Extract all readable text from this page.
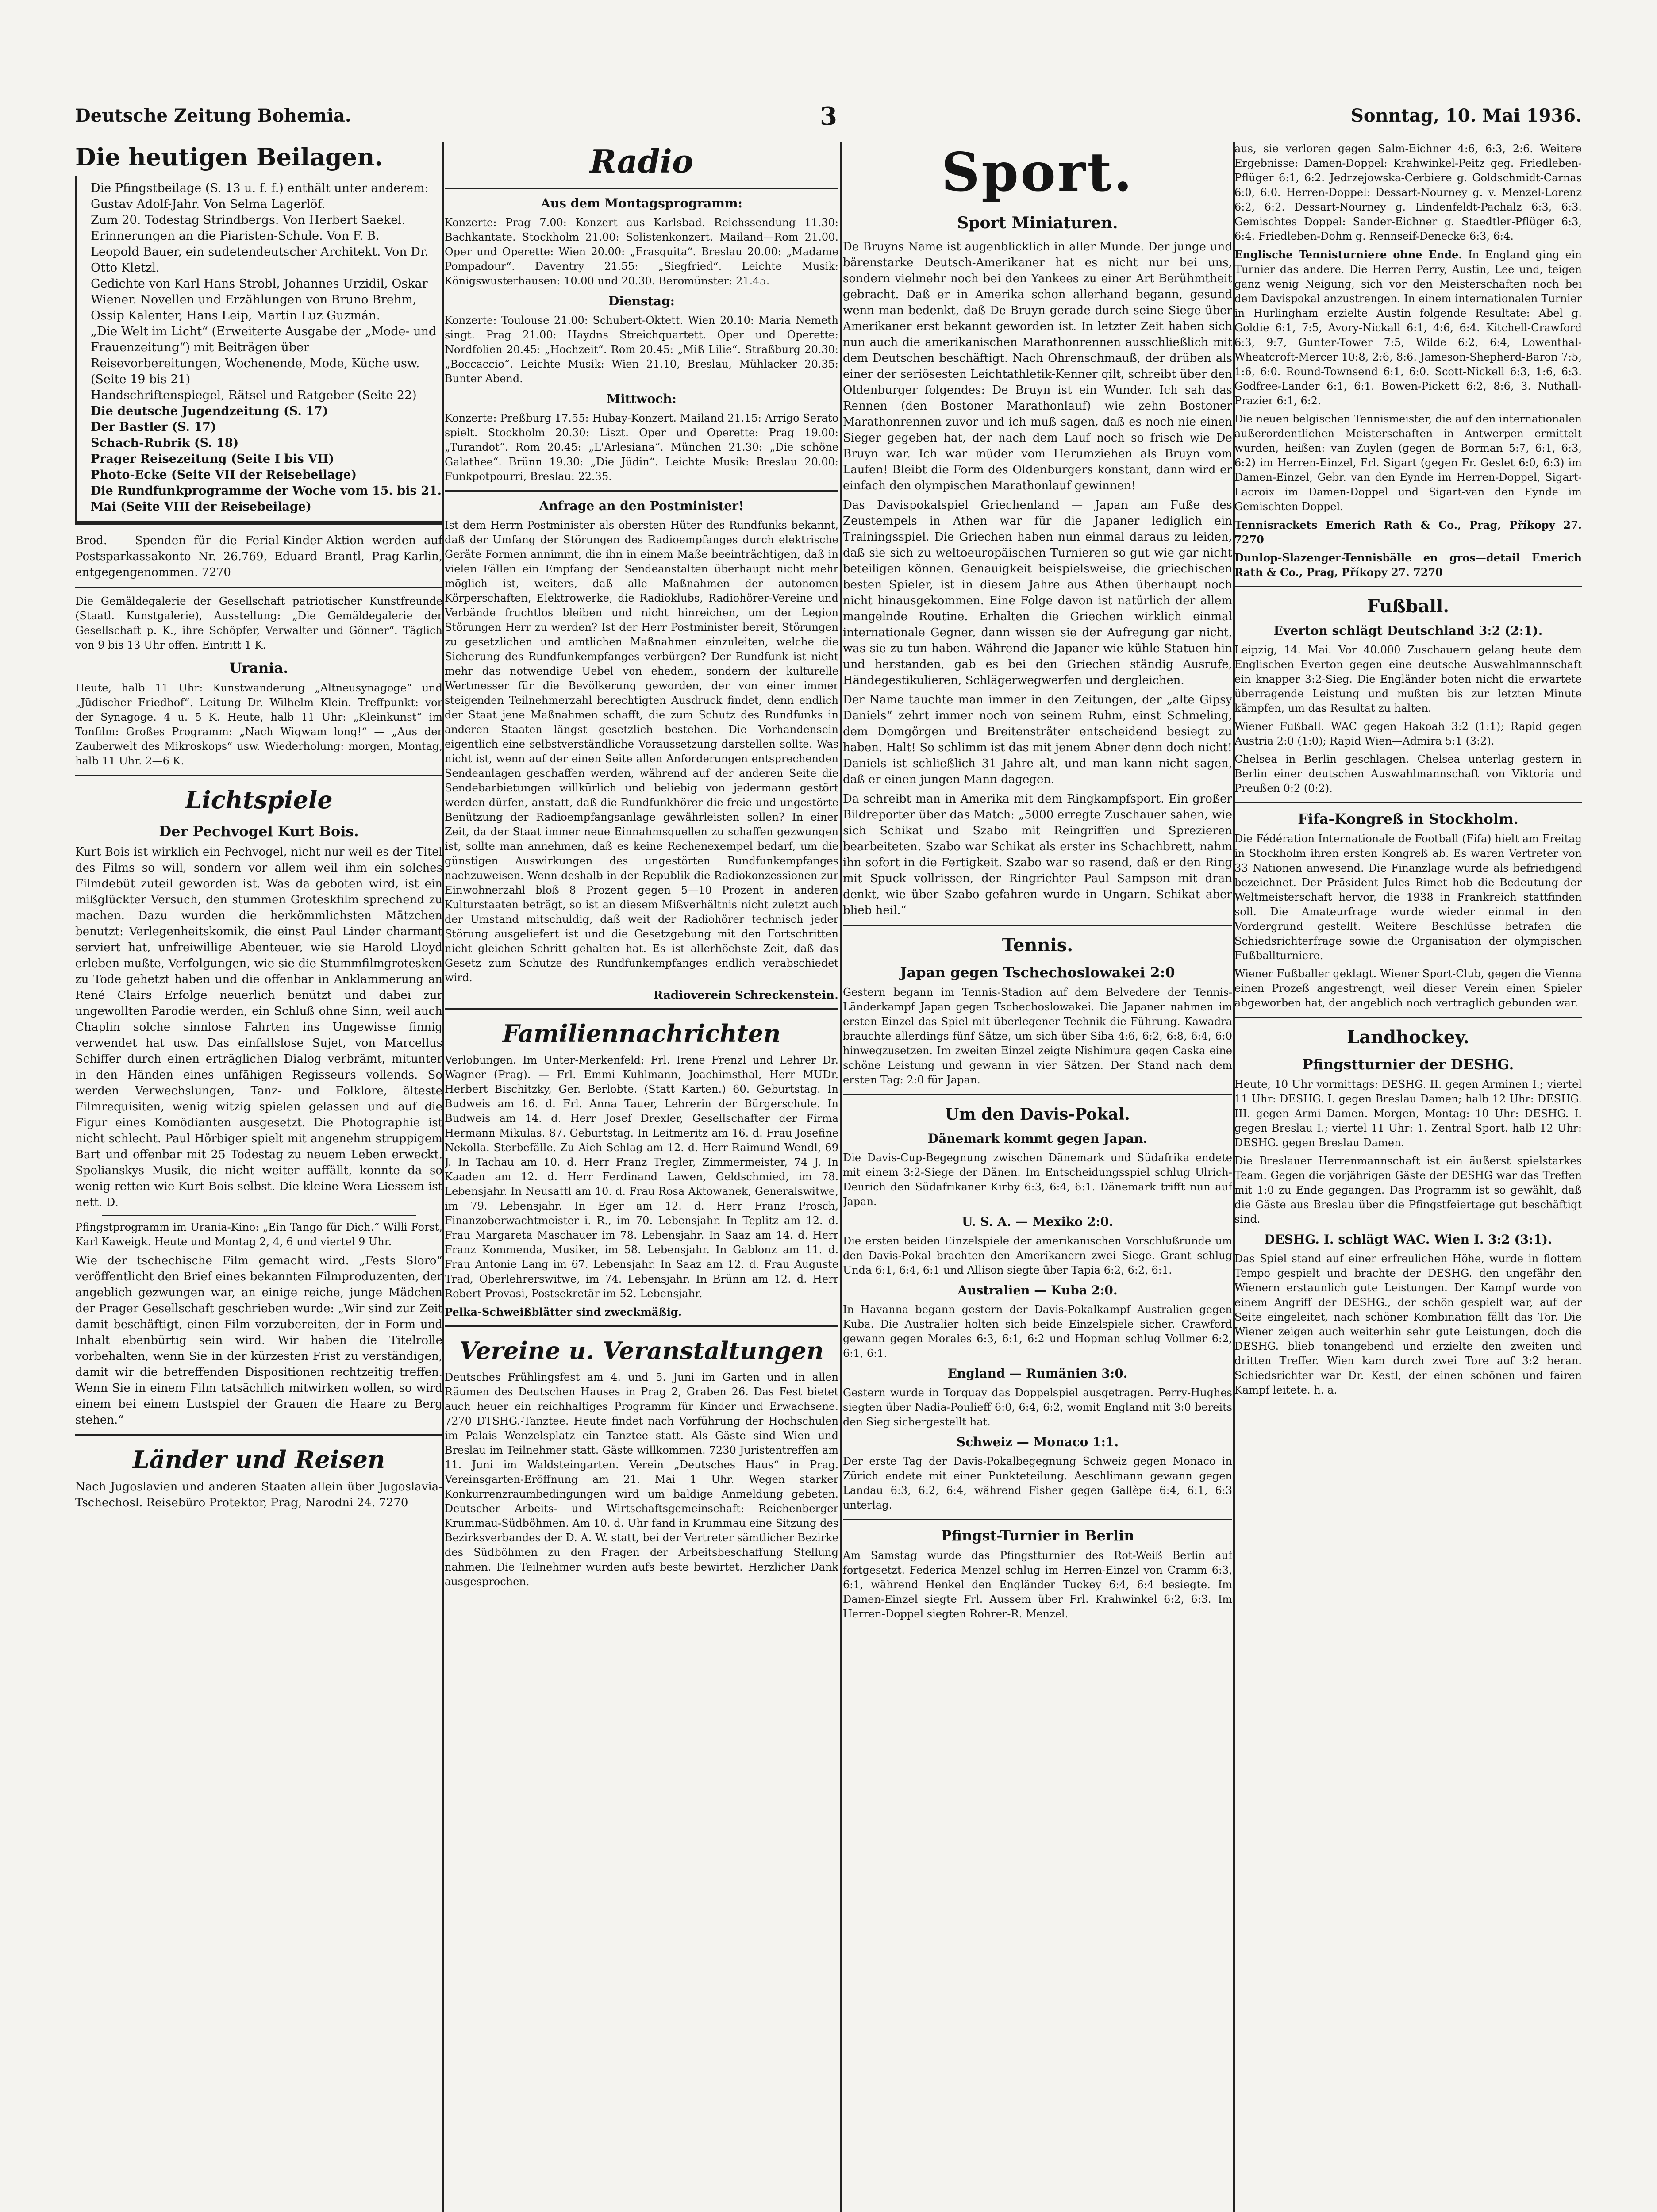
Deutsche Zeitung Bohemia.	3	Sonntag, 10. Mai 1936.
Die heutigen Beilagen.
Die Pfingstbeilage (S. 13 u. f. f.) enthält unter anderem:
Gustav Adolf-Jahr. Von Selma Lagerlöf.
Zum 20. Todestag Strindbergs. Von Herbert Saekel.
Erinnerungen an die Piaristen-Schule. Von F. B.
Leopold Bauer, ein sudetendeutscher Architekt. Von Dr. Otto Kletzl.
Gedichte von Karl Hans Strobl, Johannes Urzidil, Oskar Wiener. Novellen und Erzählungen von Bruno Brehm, Ossip Kalenter, Hans Leip, Martin Luz Guzmán.
„Die Welt im Licht“ (Erweiterte Ausgabe der „Mode- und Frauenzeitung“) mit Beiträgen über Reisevorbereitungen, Wochenende, Mode, Küche usw. (Seite 19 bis 21)
Handschriftenspiegel, Rätsel und Ratgeber (Seite 22)
Die deutsche Jugendzeitung (S. 17)
Der Bastler (S. 17)
Schach-Rubrik (S. 18)
Prager Reisezeitung (Seite I bis VII)
Photo-Ecke (Seite VII der Reisebeilage)
Die Rundfunkprogramme der Woche vom 15. bis 21. Mai (Seite VIII der Reisebeilage)

Brod. — Spenden für die Ferial-Kinder-Aktion werden auf Postsparkassakonto Nr. 26.769, Eduard Brantl, Prag-Karlin, entgegengenommen. 7270

Die Gemäldegalerie der Gesellschaft patriotischer Kunstfreunde (Staatl. Kunstgalerie), Ausstellung: „Die Gemäldegalerie der Gesellschaft p. K., ihre Schöpfer, Verwalter und Gönner“. Täglich von 9 bis 13 Uhr offen. Eintritt 1 K.

Urania.

Heute, halb 11 Uhr: Kunstwanderung „Altneusynagoge“ und „Jüdischer Friedhof“. Leitung Dr. Wilhelm Klein. Treffpunkt: vor der Synagoge. 4 u. 5 K. Heute, halb 11 Uhr: „Kleinkunst“ im Tonfilm: Großes Programm: „Nach Wigwam long!“ — „Aus der Zauberwelt des Mikroskops“ usw. Wiederholung: morgen, Montag, halb 11 Uhr. 2—6 K.

Lichtspiele
Der Pechvogel Kurt Bois.

Kurt Bois ist wirklich ein Pechvogel, nicht nur weil es der Titel des Films so will, sondern vor allem weil ihm ein solches Filmdebüt zuteil geworden ist. Was da geboten wird, ist ein mißglückter Versuch, den stummen Groteskfilm sprechend zu machen. Dazu wurden die herkömmlichsten Mätzchen benutzt: Verlegenheitskomik, die einst Paul Linder charmant serviert hat, unfreiwillige Abenteuer, wie sie Harold Lloyd erleben mußte, Verfolgungen, wie sie die Stummfilmgrotesken zu Tode gehetzt haben und die offenbar in Anklammerung an René Clairs Erfolge neuerlich benützt und dabei zur ungewollten Parodie werden, ein Schluß ohne Sinn, weil auch Chaplin solche sinnlose Fahrten ins Ungewisse finnig verwendet hat usw. Das einfallslose Sujet, von Marcellus Schiffer durch einen erträglichen Dialog verbrämt, mitunter in den Händen eines unfähigen Regisseurs vollends. So werden Verwechslungen, Tanz- und Folklore, älteste Filmrequisiten, wenig witzig spielen gelassen und auf die Figur eines Komödianten ausgesetzt. Die Photographie ist nicht schlecht. Paul Hörbiger spielt mit angenehm struppigem Bart und offenbar mit 25 Todestag zu neuem Leben erweckt. Spolianskys Musik, die nicht weiter auffällt, konnte da so wenig retten wie Kurt Bois selbst. Die kleine Wera Liessem ist nett. D.

Pfingstprogramm im Urania-Kino: „Ein Tango für Dich.“ Willi Forst, Karl Kaweigk. Heute und Montag 2, 4, 6 und viertel 9 Uhr.

Wie der tschechische Film gemacht wird. „Fests Sloro“ veröffentlicht den Brief eines bekannten Filmproduzenten, der angeblich gezwungen war, an einige reiche, junge Mädchen der Prager Gesellschaft geschrieben wurde: „Wir sind zur Zeit damit beschäftigt, einen Film vorzubereiten, der in Form und Inhalt ebenbürtig sein wird. Wir haben die Titelrolle vorbehalten, wenn Sie in der kürzesten Frist zu verständigen, damit wir die betreffenden Dispositionen rechtzeitig treffen. Wenn Sie in einem Film tatsächlich mitwirken wollen, so wird einem bei einem Lustspiel der Grauen die Haare zu Berg stehen.“

Länder und Reisen

Nach Jugoslavien und anderen Staaten allein über Jugoslavia-Tschechosl. Reisebüro Protektor, Prag, Narodni 24. 7270

Radio
Aus dem Montagsprogramm:

Konzerte: Prag 7.00: Konzert aus Karlsbad. Reichssendung 11.30: Bachkantate. Stockholm 21.00: Solistenkonzert. Mailand—Rom 21.00. Oper und Operette: Wien 20.00: „Frasquita“. Breslau 20.00: „Madame Pompadour“. Daventry 21.55: „Siegfried“. Leichte Musik: Königswusterhausen: 10.00 und 20.30. Beromünster: 21.45.

Dienstag:

Konzerte: Toulouse 21.00: Schubert-Oktett. Wien 20.10: Maria Nemeth singt. Prag 21.00: Haydns Streichquartett. Oper und Operette: Nordfolien 20.45: „Hochzeit“. Rom 20.45: „Miß Lilie“. Straßburg 20.30: „Boccaccio“. Leichte Musik: Wien 21.10, Breslau, Mühlacker 20.35: Bunter Abend.

Mittwoch:

Konzerte: Preßburg 17.55: Hubay-Konzert. Mailand 21.15: Arrigo Serato spielt. Stockholm 20.30: Liszt. Oper und Operette: Prag 19.00: „Turandot“. Rom 20.45: „L'Arlesiana“. München 21.30: „Die schöne Galathee“. Brünn 19.30: „Die Jüdin“. Leichte Musik: Breslau 20.00: Funkpotpourri, Breslau: 22.35.

Anfrage an den Postminister!

Ist dem Herrn Postminister als obersten Hüter des Rundfunks bekannt, daß der Umfang der Störungen des Radioempfanges durch elektrische Geräte Formen annimmt, die ihn in einem Maße beeinträchtigen, daß in vielen Fällen ein Empfang der Sendeanstalten überhaupt nicht mehr möglich ist, weiters, daß alle Maßnahmen der autonomen Körperschaften, Elektrowerke, die Radioklubs, Radiohörer-Vereine und Verbände fruchtlos bleiben und nicht hinreichen, um der Legion Störungen Herr zu werden? Ist der Herr Postminister bereit, Störungen zu gesetzlichen und amtlichen Maßnahmen einzuleiten, welche die Sicherung des Rundfunkempfanges verbürgen? Der Rundfunk ist nicht mehr das notwendige Uebel von ehedem, sondern der kulturelle Wertmesser für die Bevölkerung geworden, der von einer immer steigenden Teilnehmerzahl berechtigten Ausdruck findet, denn endlich der Staat jene Maßnahmen schafft, die zum Schutz des Rundfunks in anderen Staaten längst gesetzlich bestehen. Die Vorhandensein eigentlich eine selbstverständliche Voraussetzung darstellen sollte. Was nicht ist, wenn auf der einen Seite allen Anforderungen entsprechenden Sendeanlagen geschaffen werden, während auf der anderen Seite die Sendebarbietungen willkürlich und beliebig von jedermann gestört werden dürfen, anstatt, daß die Rundfunkhörer die freie und ungestörte Benützung der Radioempfangsanlage gewährleisten sollen? In einer Zeit, da der Staat immer neue Einnahmsquellen zu schaffen gezwungen ist, sollte man annehmen, daß es keine Rechenexempel bedarf, um die günstigen Auswirkungen des ungestörten Rundfunkempfanges nachzuweisen. Wenn deshalb in der Republik die Radiokonzessionen zur Einwohnerzahl bloß 8 Prozent gegen 5—10 Prozent in anderen Kulturstaaten beträgt, so ist an diesem Mißverhältnis nicht zuletzt auch der Umstand mitschuldig, daß weit der Radiohörer technisch jeder Störung ausgeliefert ist und die Gesetzgebung mit den Fortschritten nicht gleichen Schritt gehalten hat. Es ist allerhöchste Zeit, daß das Gesetz zum Schutze des Rundfunkempfanges endlich verabschiedet wird.

Radioverein Schreckenstein.
Familiennachrichten

Verlobungen. Im Unter-Merkenfeld: Frl. Irene Frenzl und Lehrer Dr. Wagner (Prag). — Frl. Emmi Kuhlmann, Joachimsthal, Herr MUDr. Herbert Bischitzky, Ger. Berlobte. (Statt Karten.) 60. Geburtstag. In Budweis am 16. d. Frl. Anna Tauer, Lehrerin der Bürgerschule. In Budweis am 14. d. Herr Josef Drexler, Gesellschafter der Firma Hermann Mikulas. 87. Geburtstag. In Leitmeritz am 16. d. Frau Josefine Nekolla. Sterbefälle. Zu Aich Schlag am 12. d. Herr Raimund Wendl, 69 J. In Tachau am 10. d. Herr Franz Tregler, Zimmermeister, 74 J. In Kaaden am 12. d. Herr Ferdinand Lawen, Geldschmied, im 78. Lebensjahr. In Neusattl am 10. d. Frau Rosa Aktowanek, Generalswitwe, im 79. Lebensjahr. In Eger am 12. d. Herr Franz Prosch, Finanzoberwachtmeister i. R., im 70. Lebensjahr. In Teplitz am 12. d. Frau Margareta Maschauer im 78. Lebensjahr. In Saaz am 14. d. Herr Franz Kommenda, Musiker, im 58. Lebensjahr. In Gablonz am 11. d. Frau Antonie Lang im 67. Lebensjahr. In Saaz am 12. d. Frau Auguste Trad, Oberlehrerswitwe, im 74. Lebensjahr. In Brünn am 12. d. Herr Robert Provasi, Postsekretär im 52. Lebensjahr.

Pelka-Schweißblätter sind zweckmäßig.

Vereine u. Veranstaltungen

Deutsches Frühlingsfest am 4. und 5. Juni im Garten und in allen Räumen des Deutschen Hauses in Prag 2, Graben 26. Das Fest bietet auch heuer ein reichhaltiges Programm für Kinder und Erwachsene. 7270 DTSHG.-Tanztee. Heute findet nach Vorführung der Hochschulen im Palais Wenzelsplatz ein Tanztee statt. Als Gäste sind Wien und Breslau im Teilnehmer statt. Gäste willkommen. 7230 Juristentreffen am 11. Juni im Waldsteingarten. Verein „Deutsches Haus“ in Prag. Vereinsgarten-Eröffnung am 21. Mai 1 Uhr. Wegen starker Konkurrenzraumbedingungen wird um baldige Anmeldung gebeten. Deutscher Arbeits- und Wirtschaftsgemeinschaft: Reichenberger Krummau-Südböhmen. Am 10. d. Uhr fand in Krummau eine Sitzung des Bezirksverbandes der D. A. W. statt, bei der Vertreter sämtlicher Bezirke des Südböhmen zu den Fragen der Arbeitsbeschaffung Stellung nahmen. Die Teilnehmer wurden aufs beste bewirtet. Herzlicher Dank ausgesprochen.

Sport.
Sport Miniaturen.

De Bruyns Name ist augenblicklich in aller Munde. Der junge und bärenstarke Deutsch-Amerikaner hat es nicht nur bei uns, sondern vielmehr noch bei den Yankees zu einer Art Berühmtheit gebracht. Daß er in Amerika schon allerhand begann, gesund wenn man bedenkt, daß De Bruyn gerade durch seine Siege über Amerikaner erst bekannt geworden ist. In letzter Zeit haben sich nun auch die amerikanischen Marathonrennen ausschließlich mit dem Deutschen beschäftigt. Nach Ohrenschmauß, der drüben als einer der seriösesten Leichtathletik-Kenner gilt, schreibt über den Oldenburger folgendes: De Bruyn ist ein Wunder. Ich sah das Rennen (den Bostoner Marathonlauf) wie zehn Bostoner Marathonrennen zuvor und ich muß sagen, daß es noch nie einen Sieger gegeben hat, der nach dem Lauf noch so frisch wie De Bruyn war. Ich war müder vom Herumziehen als Bruyn vom Laufen! Bleibt die Form des Oldenburgers konstant, dann wird er einfach den olympischen Marathonlauf gewinnen!

Das Davispokalspiel Griechenland — Japan am Fuße des Zeustempels in Athen war für die Japaner lediglich ein Trainingsspiel. Die Griechen haben nun einmal daraus zu leiden, daß sie sich zu weltoeuropäischen Turnieren so gut wie gar nicht beteiligen können. Genauigkeit beispielsweise, die griechischen besten Spieler, ist in diesem Jahre aus Athen überhaupt noch nicht hinausgekommen. Eine Folge davon ist natürlich der allem mangelnde Routine. Erhalten die Griechen wirklich einmal internationale Gegner, dann wissen sie der Aufregung gar nicht, was sie zu tun haben. Während die Japaner wie kühle Statuen hin und herstanden, gab es bei den Griechen ständig Ausrufe, Händegestikulieren, Schlägerwegwerfen und dergleichen.

Der Name tauchte man immer in den Zeitungen, der „alte Gipsy Daniels“ zehrt immer noch von seinem Ruhm, einst Schmeling, dem Domgörgen und Breitensträter entscheidend besiegt zu haben. Halt! So schlimm ist das mit jenem Abner denn doch nicht! Daniels ist schließlich 31 Jahre alt, und man kann nicht sagen, daß er einen jungen Mann dagegen.

Da schreibt man in Amerika mit dem Ringkampfsport. Ein großer Bildreporter über das Match: „5000 erregte Zuschauer sahen, wie sich Schikat und Szabo mit Reingriffen und Sprezieren bearbeiteten. Szabo war Schikat als erster ins Schachbrett, nahm ihn sofort in die Fertigkeit. Szabo war so rasend, daß er den Ring mit Spuck vollrissen, der Ringrichter Paul Sampson mit dran denkt, wie über Szabo gefahren wurde in Ungarn. Schikat aber blieb heil.“

Tennis.
Japan gegen Tschechoslowakei 2:0

Gestern begann im Tennis-Stadion auf dem Belvedere der Tennis-Länderkampf Japan gegen Tschechoslowakei. Die Japaner nahmen im ersten Einzel das Spiel mit überlegener Technik die Führung. Kawadra brauchte allerdings fünf Sätze, um sich über Siba 4:6, 6:2, 6:8, 6:4, 6:0 hinwegzusetzen. Im zweiten Einzel zeigte Nishimura gegen Caska eine schöne Leistung und gewann in vier Sätzen. Der Stand nach dem ersten Tag: 2:0 für Japan.

Um den Davis-Pokal.
Dänemark kommt gegen Japan.

Die Davis-Cup-Begegnung zwischen Dänemark und Südafrika endete mit einem 3:2-Siege der Dänen. Im Entscheidungsspiel schlug Ulrich-Deurich den Südafrikaner Kirby 6:3, 6:4, 6:1. Dänemark trifft nun auf Japan.

U. S. A. — Mexiko 2:0.

Die ersten beiden Einzelspiele der amerikanischen Vorschlußrunde um den Davis-Pokal brachten den Amerikanern zwei Siege. Grant schlug Unda 6:1, 6:4, 6:1 und Allison siegte über Tapia 6:2, 6:2, 6:1.

Australien — Kuba 2:0.

In Havanna begann gestern der Davis-Pokalkampf Australien gegen Kuba. Die Australier holten sich beide Einzelspiele sicher. Crawford gewann gegen Morales 6:3, 6:1, 6:2 und Hopman schlug Vollmer 6:2, 6:1, 6:1.

England — Rumänien 3:0.

Gestern wurde in Torquay das Doppelspiel ausgetragen. Perry-Hughes siegten über Nadia-Poulieff 6:0, 6:4, 6:2, womit England mit 3:0 bereits den Sieg sichergestellt hat.

Schweiz — Monaco 1:1.

Der erste Tag der Davis-Pokalbegegnung Schweiz gegen Monaco in Zürich endete mit einer Punkteteilung. Aeschlimann gewann gegen Landau 6:3, 6:2, 6:4, während Fisher gegen Gallèpe 6:4, 6:1, 6:3 unterlag.

Pfingst-Turnier in Berlin

Am Samstag wurde das Pfingstturnier des Rot-Weiß Berlin auf fortgesetzt. Federica Menzel schlug im Herren-Einzel von Cramm 6:3, 6:1, während Henkel den Engländer Tuckey 6:4, 6:4 besiegte. Im Damen-Einzel siegte Frl. Aussem über Frl. Krahwinkel 6:2, 6:3. Im Herren-Doppel siegten Rohrer-R. Menzel.

aus, sie verloren gegen Salm-Eichner 4:6, 6:3, 2:6. Weitere Ergebnisse: Damen-Doppel: Krahwinkel-Peitz geg. Friedleben-Pflüger 6:1, 6:2. Jedrzejowska-Cerbiere g. Goldschmidt-Carnas 6:0, 6:0. Herren-Doppel: Dessart-Nourney g. v. Menzel-Lorenz 6:2, 6:2. Dessart-Nourney g. Lindenfeldt-Pachalz 6:3, 6:3. Gemischtes Doppel: Sander-Eichner g. Staedtler-Pflüger 6:3, 6:4. Friedleben-Dohm g. Rennseif-Denecke 6:3, 6:4.

Englische Tennisturniere ohne Ende. In England ging ein Turnier das andere. Die Herren Perry, Austin, Lee und, teigen ganz wenig Neigung, sich vor den Meisterschaften noch bei dem Davispokal anzustrengen. In einem internationalen Turnier in Hurlingham erzielte Austin folgende Resultate: Abel g. Goldie 6:1, 7:5, Avory-Nickall 6:1, 4:6, 6:4. Kitchell-Crawford 6:3, 9:7, Gunter-Tower 7:5, Wilde 6:2, 6:4, Lowenthal-Wheatcroft-Mercer 10:8, 2:6, 8:6. Jameson-Shepherd-Baron 7:5, 1:6, 6:0. Round-Townsend 6:1, 6:0. Scott-Nickell 6:3, 1:6, 6:3. Godfree-Lander 6:1, 6:1. Bowen-Pickett 6:2, 8:6, 3. Nuthall-Prazier 6:1, 6:2.

Die neuen belgischen Tennismeister, die auf den internationalen außerordentlichen Meisterschaften in Antwerpen ermittelt wurden, heißen: van Zuylen (gegen de Borman 5:7, 6:1, 6:3, 6:2) im Herren-Einzel, Frl. Sigart (gegen Fr. Geslet 6:0, 6:3) im Damen-Einzel, Gebr. van den Eynde im Herren-Doppel, Sigart-Lacroix im Damen-Doppel und Sigart-van den Eynde im Gemischten Doppel.

Tennisrackets Emerich Rath & Co., Prag, Příkopy 27. 7270

Dunlop-Slazenger-Tennisbälle en gros—detail Emerich Rath & Co., Prag, Příkopy 27. 7270

Fußball.
Everton schlägt Deutschland 3:2 (2:1).

Leipzig, 14. Mai. Vor 40.000 Zuschauern gelang heute dem Englischen Everton gegen eine deutsche Auswahlmannschaft ein knapper 3:2-Sieg. Die Engländer boten nicht die erwartete überragende Leistung und mußten bis zur letzten Minute kämpfen, um das Resultat zu halten.

Wiener Fußball. WAC gegen Hakoah 3:2 (1:1); Rapid gegen Austria 2:0 (1:0); Rapid Wien—Admira 5:1 (3:2).

Chelsea in Berlin geschlagen. Chelsea unterlag gestern in Berlin einer deutschen Auswahlmannschaft von Viktoria und Preußen 0:2 (0:2).

Fifa-Kongreß in Stockholm.

Die Fédération Internationale de Football (Fifa) hielt am Freitag in Stockholm ihren ersten Kongreß ab. Es waren Vertreter von 33 Nationen anwesend. Die Finanzlage wurde als befriedigend bezeichnet. Der Präsident Jules Rimet hob die Bedeutung der Weltmeisterschaft hervor, die 1938 in Frankreich stattfinden soll. Die Amateurfrage wurde wieder einmal in den Vordergrund gestellt. Weitere Beschlüsse betrafen die Schiedsrichterfrage sowie die Organisation der olympischen Fußballturniere.

Wiener Fußballer geklagt. Wiener Sport-Club, gegen die Vienna einen Prozeß angestrengt, weil dieser Verein einen Spieler abgeworben hat, der angeblich noch vertraglich gebunden war.

Landhockey.
Pfingstturnier der DESHG.

Heute, 10 Uhr vormittags: DESHG. II. gegen Arminen I.; viertel 11 Uhr: DESHG. I. gegen Breslau Damen; halb 12 Uhr: DESHG. III. gegen Armi Damen. Morgen, Montag: 10 Uhr: DESHG. I. gegen Breslau I.; viertel 11 Uhr: 1. Zentral Sport. halb 12 Uhr: DESHG. gegen Breslau Damen.

Die Breslauer Herrenmannschaft ist ein äußerst spielstarkes Team. Gegen die vorjährigen Gäste der DESHG war das Treffen mit 1:0 zu Ende gegangen. Das Programm ist so gewählt, daß die Gäste aus Breslau über die Pfingstfeiertage gut beschäftigt sind.

DESHG. I. schlägt WAC. Wien I. 3:2 (3:1).

Das Spiel stand auf einer erfreulichen Höhe, wurde in flottem Tempo gespielt und brachte der DESHG. den ungefähr den Wienern erstaunlich gute Leistungen. Der Kampf wurde von einem Angriff der DESHG., der schön gespielt war, auf der Seite eingeleitet, nach schöner Kombination fällt das Tor. Die Wiener zeigen auch weiterhin sehr gute Leistungen, doch die DESHG. blieb tonangebend und erzielte den zweiten und dritten Treffer. Wien kam durch zwei Tore auf 3:2 heran. Schiedsrichter war Dr. Kestl, der einen schönen und fairen Kampf leitete. h. a.
